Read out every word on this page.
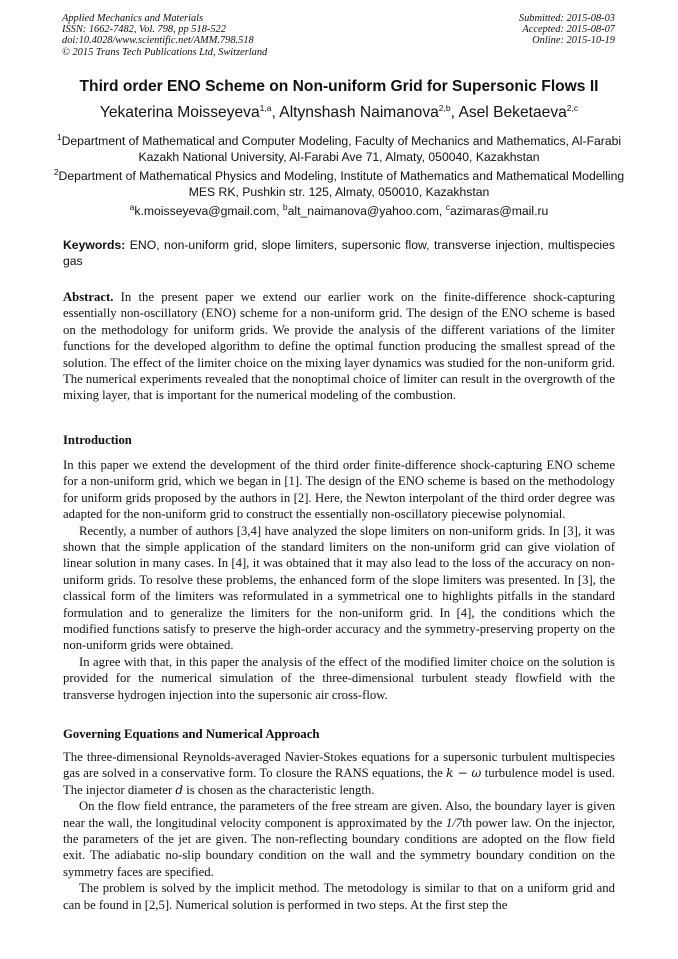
Applied Mechanics and Materials
ISSN: 1662-7482, Vol. 798, pp 518-522
doi:10.4028/www.scientific.net/AMM.798.518
© 2015 Trans Tech Publications Ltd, Switzerland
Submitted: 2015-08-03
Accepted: 2015-08-07
Online: 2015-10-19
Third order ENO Scheme on Non-uniform Grid for Supersonic Flows II
Yekaterina Moisseyeva$^{1,a}$, Altynshash Naimanova$^{2,b}$, Asel Beketaeva$^{2,c}$
$^1$Department of Mathematical and Computer Modeling, Faculty of Mechanics and Mathematics, Al-Farabi Kazakh National University, Al-Farabi Ave 71, Almaty, 050040, Kazakhstan
$^2$Department of Mathematical Physics and Modeling, Institute of Mathematics and Mathematical Modelling MES RK, Pushkin str. 125, Almaty, 050010, Kazakhstan
$^a$k.moisseyeva@gmail.com, $^b$alt_naimanova@yahoo.com, $^c$azimaras@mail.ru
Keywords: ENO, non-uniform grid, slope limiters, supersonic flow, transverse injection, multispecies gas

Abstract. In the present paper we extend our earlier work on the finite-difference shock-capturing essentially non-oscillatory (ENO) scheme for a non-uniform grid. The design of the ENO scheme is based on the methodology for uniform grids. We provide the analysis of the different variations of the limiter functions for the developed algorithm to define the optimal function producing the smallest spread of the solution. The effect of the limiter choice on the mixing layer dynamics was studied for the non-uniform grid. The numerical experiments revealed that the nonoptimal choice of limiter can result in the overgrowth of the mixing layer, that is important for the numerical modeling of the combustion.

Introduction

In this paper we extend the development of the third order finite-difference shock-capturing ENO scheme for a non-uniform grid, which we began in [1]. The design of the ENO scheme is based on the methodology for uniform grids proposed by the authors in [2]. Here, the Newton interpolant of the third order degree was adapted for the non-uniform grid to construct the essentially non-oscillatory piecewise polynomial.

Recently, a number of authors [3,4] have analyzed the slope limiters on non-uniform grids. In [3], it was shown that the simple application of the standard limiters on the non-uniform grid can give violation of linear solution in many cases. In [4], it was obtained that it may also lead to the loss of the accuracy on non-uniform grids. To resolve these problems, the enhanced form of the slope limiters was presented. In [3], the classical form of the limiters was reformulated in a symmetrical one to highlights pitfalls in the standard formulation and to generalize the limiters for the non-uniform grid. In [4], the conditions which the modified functions satisfy to preserve the high-order accuracy and the symmetry-preserving property on the non-uniform grids were obtained.

In agree with that, in this paper the analysis of the effect of the modified limiter choice on the solution is provided for the numerical simulation of the three-dimensional turbulent steady flowfield with the transverse hydrogen injection into the supersonic air cross-flow.

Governing Equations and Numerical Approach

The three-dimensional Reynolds-averaged Navier-Stokes equations for a supersonic turbulent multispecies gas are solved in a conservative form. To closure the RANS equations, the k − ω turbulence model is used. The injector diameter d is chosen as the characteristic length.

On the flow field entrance, the parameters of the free stream are given. Also, the boundary layer is given near the wall, the longitudinal velocity component is approximated by the 1/7th power law. On the injector, the parameters of the jet are given. The non-reflecting boundary conditions are adopted on the flow field exit. The adiabatic no-slip boundary condition on the wall and the symmetry boundary condition on the symmetry faces are specified.

The problem is solved by the implicit method. The metodology is similar to that on a uniform grid and can be found in [2,5]. Numerical solution is performed in two steps. At the first step the
